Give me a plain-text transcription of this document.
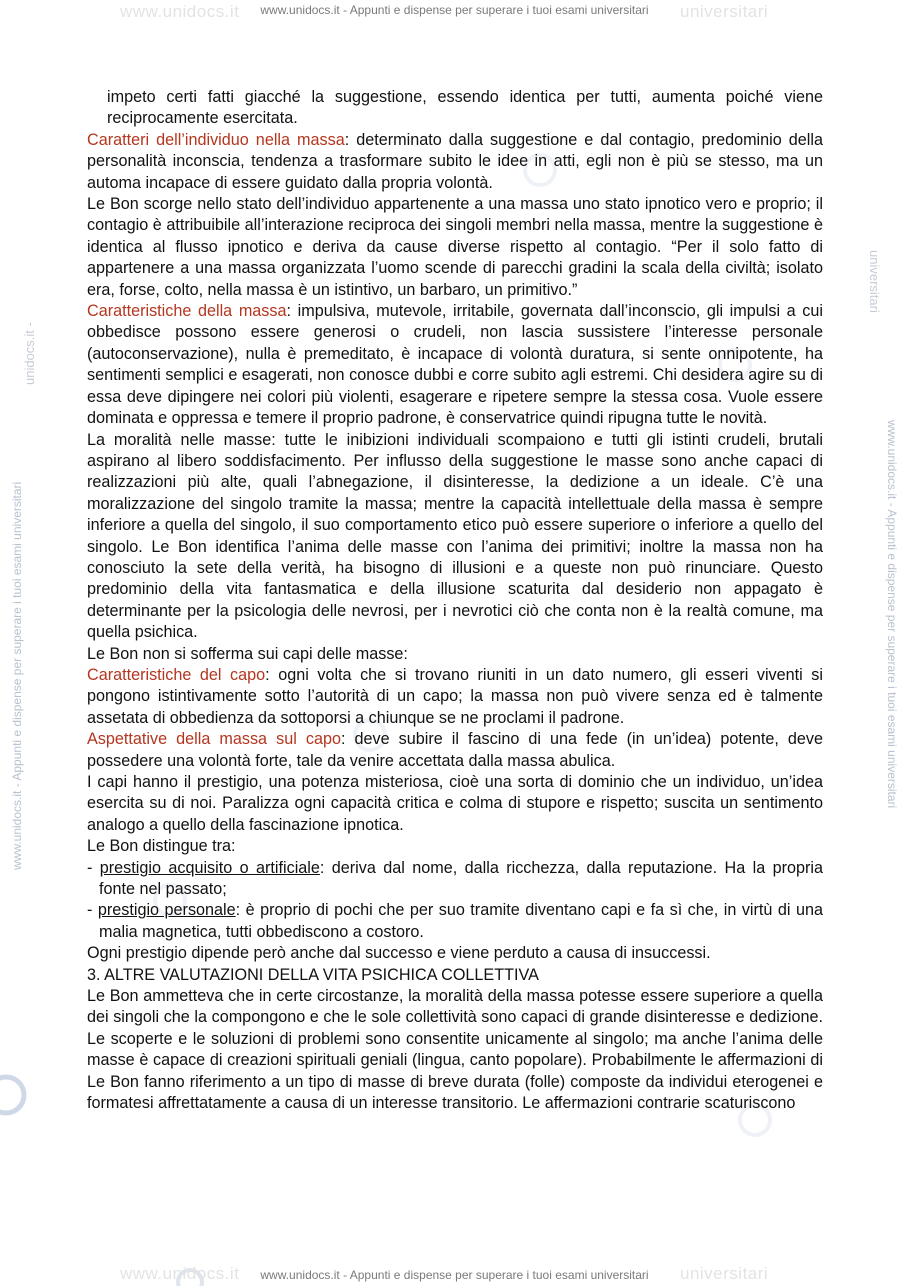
www.unidocs.it	universitari
www.unidocs.it - Appunti e dispense per superare i tuoi esami universitari
www.unidocs.it - Appunti e dispense per superare i tuoi esami universitari
unidocs.it -
www.unidocs.it - Appunti e dispense per superare i tuoi esami universitari
universitari

impeto certi fatti giacché la suggestione, essendo identica per tutti, aumenta poiché viene reciprocamente esercitata.

Caratteri dell’individuo nella massa: determinato dalla suggestione e dal contagio, predominio della personalità inconscia, tendenza a trasformare subito le idee in atti, egli non è più se stesso, ma un automa incapace di essere guidato dalla propria volontà.

Le Bon scorge nello stato dell’individuo appartenente a una massa uno stato ipnotico vero e proprio; il contagio è attribuibile all’interazione reciproca dei singoli membri nella massa, mentre la suggestione è identica al flusso ipnotico e deriva da cause diverse rispetto al contagio. “Per il solo fatto di appartenere a una massa organizzata l’uomo scende di parecchi gradini la scala della civiltà; isolato era, forse, colto, nella massa è un istintivo, un barbaro, un primitivo.”

Caratteristiche della massa: impulsiva, mutevole, irritabile, governata dall’inconscio, gli impulsi a cui obbedisce possono essere generosi o crudeli, non lascia sussistere l’interesse personale (autoconservazione), nulla è premeditato, è incapace di volontà duratura, si sente onnipotente, ha sentimenti semplici e esagerati, non conosce dubbi e corre subito agli estremi. Chi desidera agire su di essa deve dipingere nei colori più violenti, esagerare e ripetere sempre la stessa cosa. Vuole essere dominata e oppressa e temere il proprio padrone, è conservatrice quindi ripugna tutte le novità.

La moralità nelle masse: tutte le inibizioni individuali scompaiono e tutti gli istinti crudeli, brutali aspirano al libero soddisfacimento. Per influsso della suggestione le masse sono anche capaci di realizzazioni più alte, quali l’abnegazione, il disinteresse, la dedizione a un ideale. C’è una moralizzazione del singolo tramite la massa; mentre la capacità intellettuale della massa è sempre inferiore a quella del singolo, il suo comportamento etico può essere superiore o inferiore a quello del singolo. Le Bon identifica l’anima delle masse con l’anima dei primitivi; inoltre la massa non ha conosciuto la sete della verità, ha bisogno di illusioni e a queste non può rinunciare. Questo predominio della vita fantasmatica e della illusione scaturita dal desiderio non appagato è determinante per la psicologia delle nevrosi, per i nevrotici ciò che conta non è la realtà comune, ma quella psichica.

Le Bon non si sofferma sui capi delle masse:

Caratteristiche del capo: ogni volta che si trovano riuniti in un dato numero, gli esseri viventi si pongono istintivamente sotto l’autorità di un capo; la massa non può vivere senza ed è talmente assetata di obbedienza da sottoporsi a chiunque se ne proclami il padrone.

Aspettative della massa sul capo: deve subire il fascino di una fede (in un’idea) potente, deve possedere una volontà forte, tale da venire accettata dalla massa abulica.

I capi hanno il prestigio, una potenza misteriosa, cioè una sorta di dominio che un individuo, un’idea esercita su di noi. Paralizza ogni capacità critica e colma di stupore e rispetto; suscita un sentimento analogo a quello della fascinazione ipnotica.

Le Bon distingue tra:

- prestigio acquisito o artificiale: deriva dal nome, dalla ricchezza, dalla reputazione. Ha la propria fonte nel passato;

- prestigio personale: è proprio di pochi che per suo tramite diventano capi e fa sì che, in virtù di una malia magnetica, tutti obbediscono a costoro.

Ogni prestigio dipende però anche dal successo e viene perduto a causa di insuccessi.

3. ALTRE VALUTAZIONI DELLA VITA PSICHICA COLLETTIVA

Le Bon ammetteva che in certe circostanze, la moralità della massa potesse essere superiore a quella dei singoli che la compongono e che le sole collettività sono capaci di grande disinteresse e dedizione. Le scoperte e le soluzioni di problemi sono consentite unicamente al singolo; ma anche l’anima delle masse è capace di creazioni spirituali geniali (lingua, canto popolare). Probabilmente le affermazioni di Le Bon fanno riferimento a un tipo di masse di breve durata (folle) composte da individui eterogenei e formatesi affrettatamente a causa di un interesse transitorio. Le affermazioni contrarie scaturiscono

www.unidocs.it	universitari
www.unidocs.it - Appunti e dispense per superare i tuoi esami universitari
